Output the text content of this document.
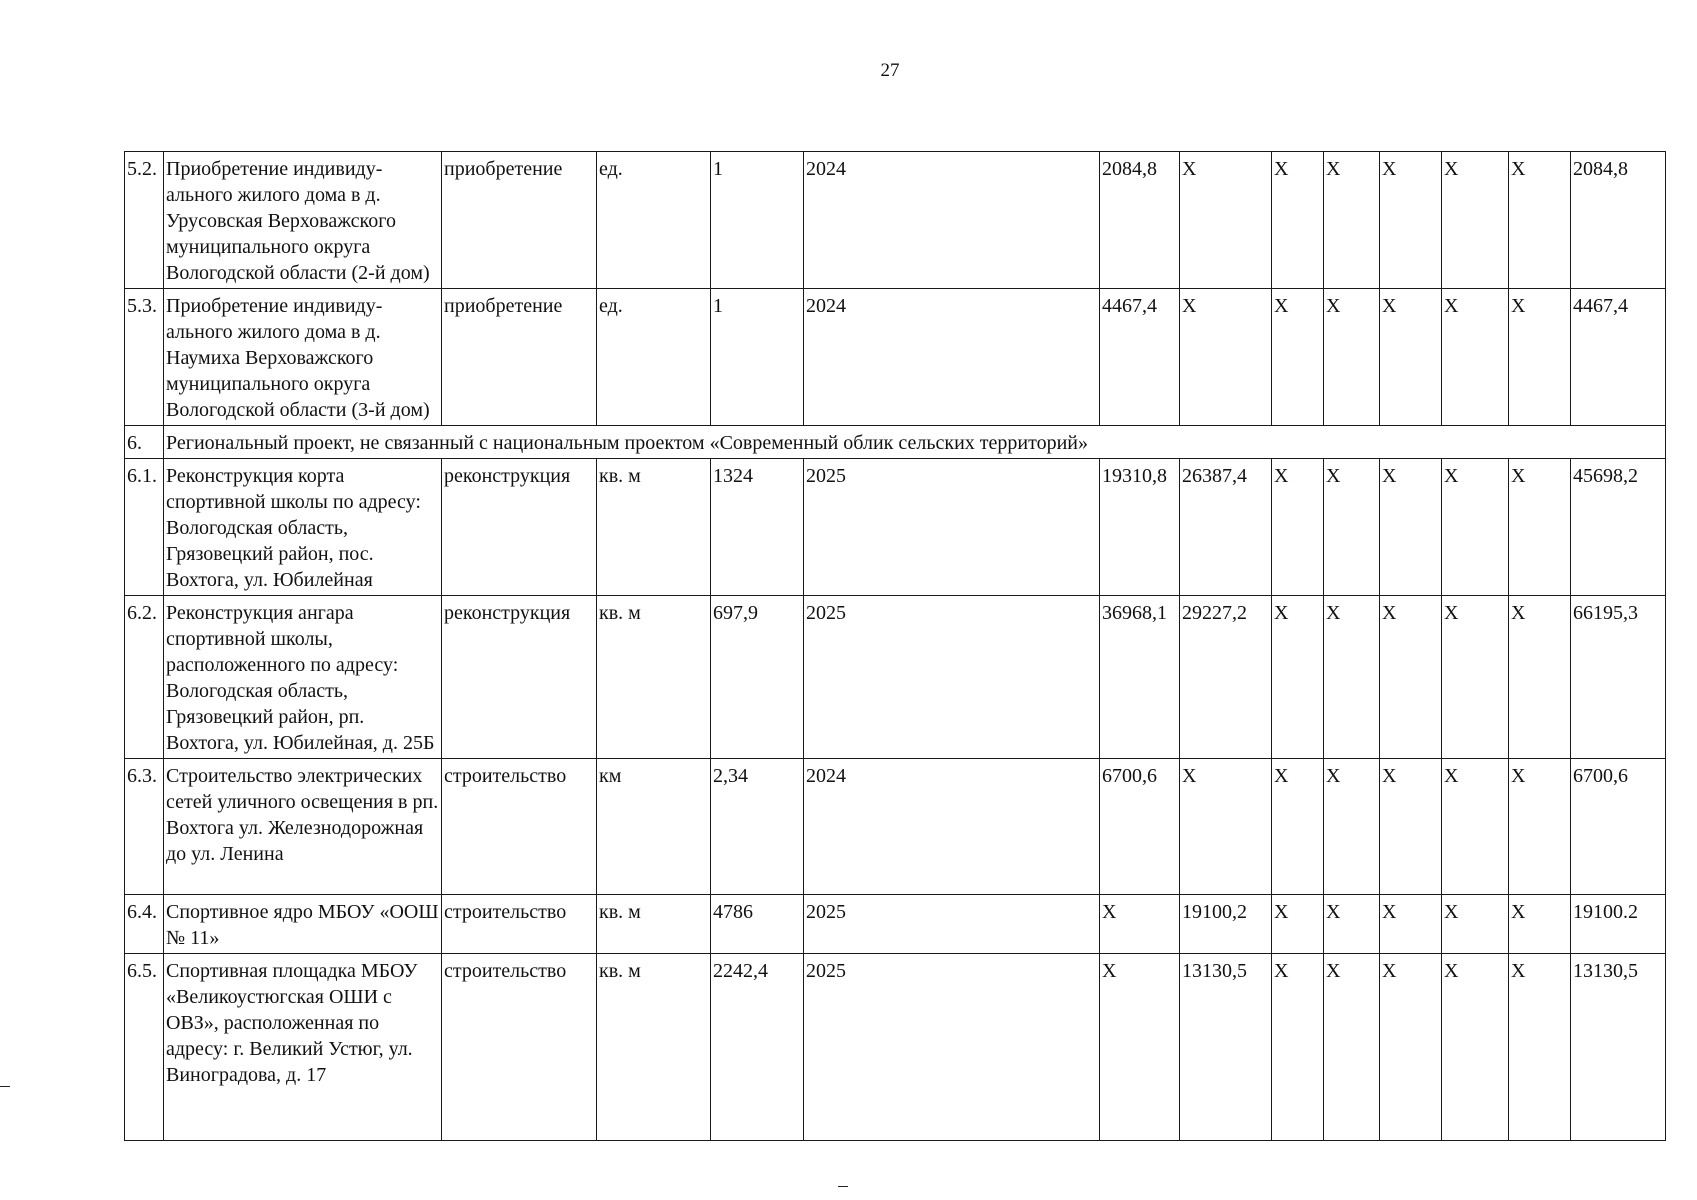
27
5.2.	Приобретение индивиду-ального жилого дома в д. Урусовская Верховажского муниципального округа Вологодской области (2-й дом)	приобретение	ед.	1	2024	2084,8	X	X	X	X	X	X	2084,8
5.3.	Приобретение индивиду-ального жилого дома в д. Наумиха Верховажского муниципального округа Вологодской области (3-й дом)	приобретение	ед.	1	2024	4467,4	X	X	X	X	X	X	4467,4
6.	Региональный проект, не связанный с национальным проектом «Современный облик сельских территорий»												
6.1.	Реконструкция корта спортивной школы по адресу: Вологодская область, Грязовецкий район, пос. Вохтога, ул. Юбилейная	реконструкция	кв. м	1324	2025	19310,8	26387,4	X	X	X	X	X	45698,2
6.2.	Реконструкция ангара спортивной школы, расположенного по адресу: Вологодская область, Грязовецкий район, рп. Вохтога, ул. Юбилейная, д. 25Б	реконструкция	кв. м	697,9	2025	36968,1	29227,2	X	X	X	X	X	66195,3
6.3.	Строительство электрических сетей уличного освещения в рп. Вохтога ул. Железнодорожная до ул. Ленина	строительство	км	2,34	2024	6700,6	X	X	X	X	X	X	6700,6
6.4.	Спортивное ядро МБОУ «ООШ № 11»	строительство	кв. м	4786	2025	X	19100,2	X	X	X	X	X	19100.2
6.5.	Спортивная площадка МБОУ «Великоустюгская ОШИ с ОВЗ», расположенная по адресу: г. Великий Устюг, ул. Виноградова, д. 17	строительство	кв. м	2242,4	2025	X	13130,5	X	X	X	X	X	13130,5
